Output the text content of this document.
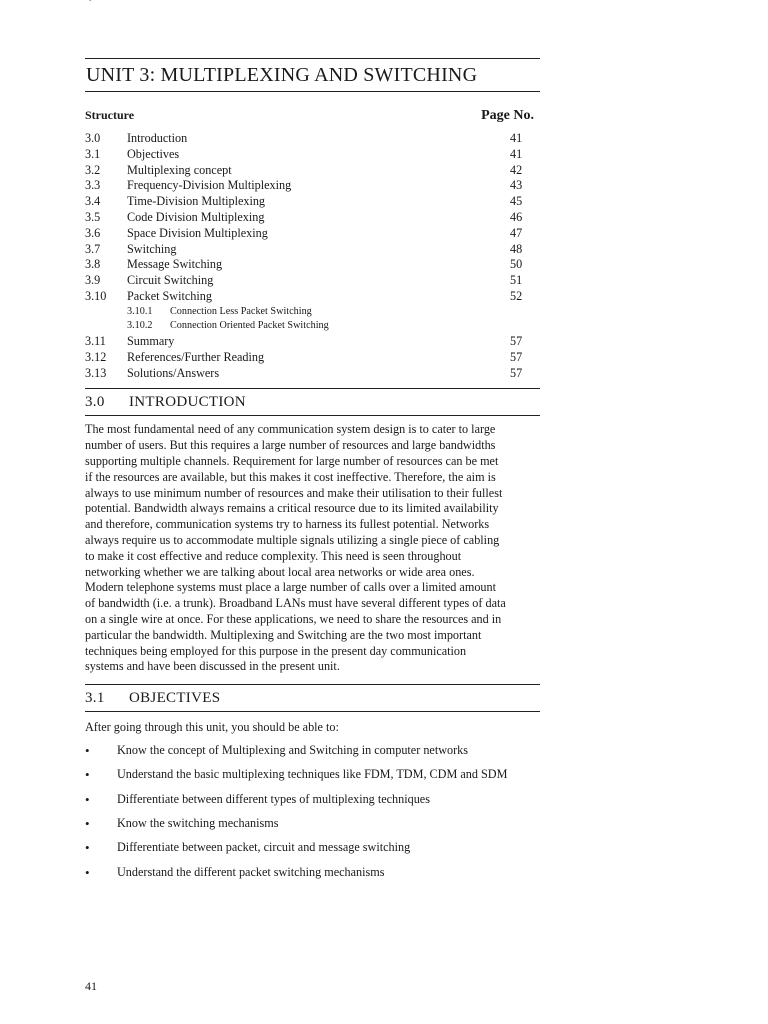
`
UNIT 3: MULTIPLEXING AND SWITCHING
Structure	Page No.
3.0	Introduction	41
3.1	Objectives	41
3.2	Multiplexing concept	42
3.3	Frequency-Division Multiplexing	43
3.4	Time-Division Multiplexing	45
3.5	Code Division Multiplexing	46
3.6	Space Division Multiplexing	47
3.7	Switching	48
3.8	Message Switching	50
3.9	Circuit Switching	51
3.10	Packet Switching	52
3.10.1	Connection Less Packet Switching
3.10.2	Connection Oriented Packet Switching
3.11	Summary	57
3.12	References/Further Reading	57
3.13	Solutions/Answers	57
3.0	INTRODUCTION
The most fundamental need of any communication system design is to cater to large
number of users. But this requires a large number of resources and large bandwidths
supporting multiple channels. Requirement for large number of resources can be met
if the resources are available, but this makes it cost ineffective. Therefore, the aim is
always to use minimum number of resources and make their utilisation to their fullest
potential. Bandwidth always remains a critical resource due to its limited availability
and therefore, communication systems try to harness its fullest potential. Networks
always require us to accommodate multiple signals utilizing a single piece of cabling
to make it cost effective and reduce complexity. This need is seen throughout
networking whether we are talking about local area networks or wide area ones.
Modern telephone systems must place a large number of calls over a limited amount
of bandwidth (i.e. a trunk). Broadband LANs must have several different types of data
on a single wire at once. For these applications, we need to share the resources and in
particular the bandwidth. Multiplexing and Switching are the two most important
techniques being employed for this purpose in the present day communication
systems and have been discussed in the present unit.
3.1	OBJECTIVES
After going through this unit, you should be able to:
•	Know the concept of Multiplexing and Switching in computer networks
•	Understand the basic multiplexing techniques like FDM, TDM, CDM and SDM
•	Differentiate between different types of multiplexing techniques
•	Know the switching mechanisms
•	Differentiate between packet, circuit and message switching
•	Understand the different packet switching mechanisms
41
